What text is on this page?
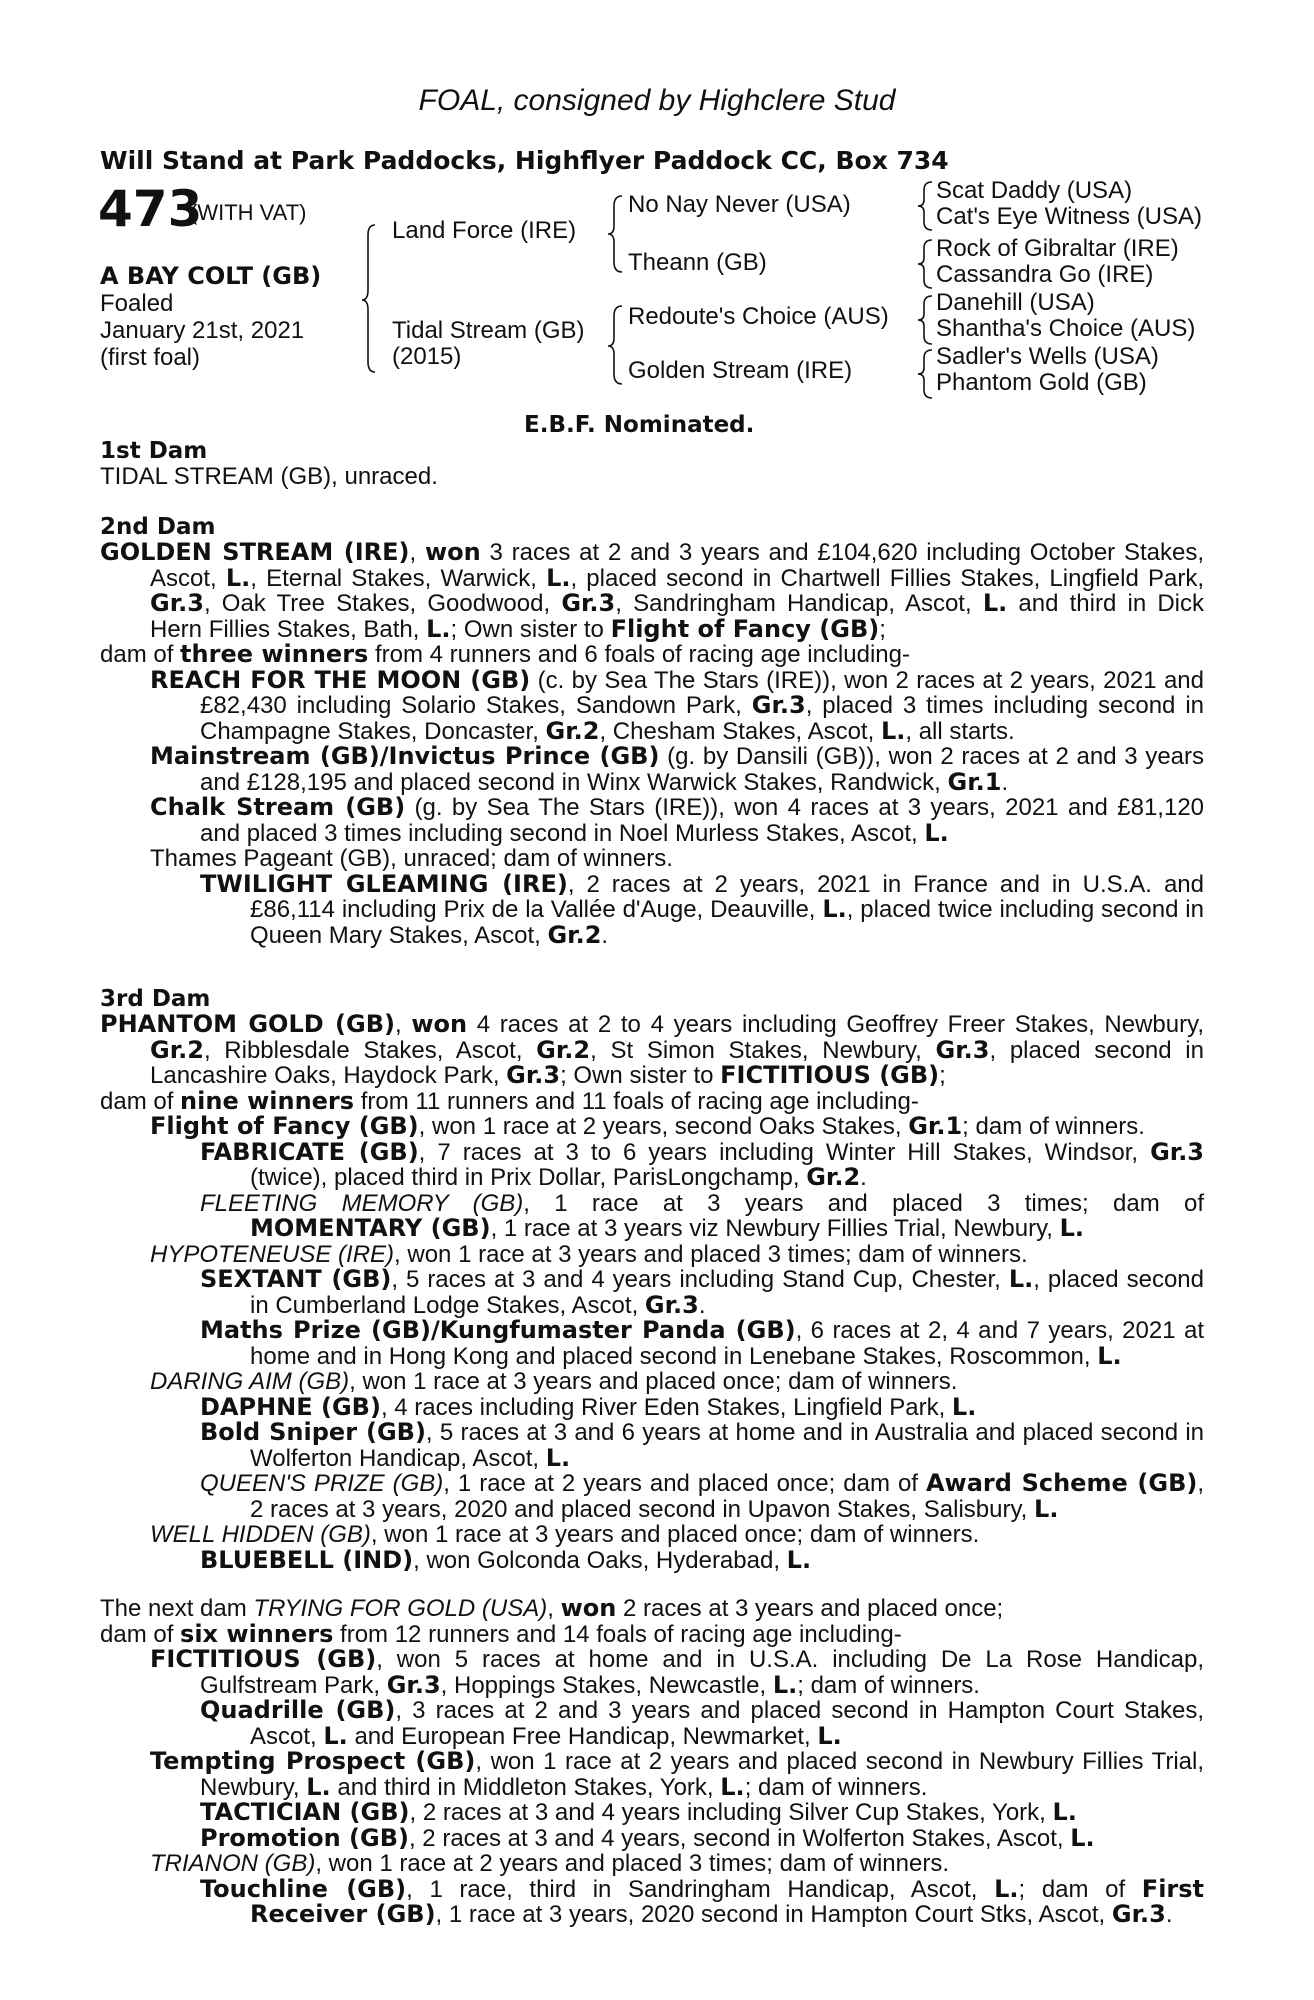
FOAL, consigned by Highclere Stud
Will Stand at Park Paddocks, Highflyer Paddock CC, Box 734
473
(WITH VAT)
A BAY COLT (GB)
Foaled
January 21st, 2021
(first foal)
Land Force (IRE)
Tidal Stream (GB)
(2015)
No Nay Never (USA)
Theann (GB)
Redoute's Choice (AUS)
Golden Stream (IRE)
Scat Daddy (USA)
Cat's Eye Witness (USA)
Rock of Gibraltar (IRE)
Cassandra Go (IRE)
Danehill (USA)
Shantha's Choice (AUS)
Sadler's Wells (USA)
Phantom Gold (GB)
E.B.F. Nominated.
1st Dam
TIDAL STREAM (GB), unraced.
2nd Dam
GOLDEN STREAM (IRE), won 3 races at 2 and 3 years and £104,620 including October Stakes, Ascot, L., Eternal Stakes, Warwick, L., placed second in Chartwell Fillies Stakes, Lingfield Park, Gr.3, Oak Tree Stakes, Goodwood, Gr.3, Sandringham Handicap, Ascot, L. and third in Dick Hern Fillies Stakes, Bath, L.; Own sister to Flight of Fancy (GB);
dam of three winners from 4 runners and 6 foals of racing age including-
REACH FOR THE MOON (GB) (c. by Sea The Stars (IRE)), won 2 races at 2 years, 2021 and £82,430 including Solario Stakes, Sandown Park, Gr.3, placed 3 times including second in Champagne Stakes, Doncaster, Gr.2, Chesham Stakes, Ascot, L., all starts.
Mainstream (GB)/Invictus Prince (GB) (g. by Dansili (GB)), won 2 races at 2 and 3 years and £128,195 and placed second in Winx Warwick Stakes, Randwick, Gr.1.
Chalk Stream (GB) (g. by Sea The Stars (IRE)), won 4 races at 3 years, 2021 and £81,120 and placed 3 times including second in Noel Murless Stakes, Ascot, L.
Thames Pageant (GB), unraced; dam of winners.
TWILIGHT GLEAMING (IRE), 2 races at 2 years, 2021 in France and in U.S.A. and £86,114 including Prix de la Vallée d'Auge, Deauville, L., placed twice including second in Queen Mary Stakes, Ascot, Gr.2.
3rd Dam
PHANTOM GOLD (GB), won 4 races at 2 to 4 years including Geoffrey Freer Stakes, Newbury, Gr.2, Ribblesdale Stakes, Ascot, Gr.2, St Simon Stakes, Newbury, Gr.3, placed second in Lancashire Oaks, Haydock Park, Gr.3; Own sister to FICTITIOUS (GB);
dam of nine winners from 11 runners and 11 foals of racing age including-
Flight of Fancy (GB), won 1 race at 2 years, second Oaks Stakes, Gr.1; dam of winners.
FABRICATE (GB), 7 races at 3 to 6 years including Winter Hill Stakes, Windsor, Gr.3 (twice), placed third in Prix Dollar, ParisLongchamp, Gr.2.
FLEETING MEMORY (GB), 1 race at 3 years and placed 3 times; dam of
MOMENTARY (GB), 1 race at 3 years viz Newbury Fillies Trial, Newbury, L.
HYPOTENEUSE (IRE), won 1 race at 3 years and placed 3 times; dam of winners.
SEXTANT (GB), 5 races at 3 and 4 years including Stand Cup, Chester, L., placed second in Cumberland Lodge Stakes, Ascot, Gr.3.
Maths Prize (GB)/Kungfumaster Panda (GB), 6 races at 2, 4 and 7 years, 2021 at home and in Hong Kong and placed second in Lenebane Stakes, Roscommon, L.
DARING AIM (GB), won 1 race at 3 years and placed once; dam of winners.
DAPHNE (GB), 4 races including River Eden Stakes, Lingfield Park, L.
Bold Sniper (GB), 5 races at 3 and 6 years at home and in Australia and placed second in Wolferton Handicap, Ascot, L.
QUEEN'S PRIZE (GB), 1 race at 2 years and placed once; dam of Award Scheme (GB), 2 races at 3 years, 2020 and placed second in Upavon Stakes, Salisbury, L.
WELL HIDDEN (GB), won 1 race at 3 years and placed once; dam of winners.
BLUEBELL (IND), won Golconda Oaks, Hyderabad, L.
The next dam TRYING FOR GOLD (USA), won 2 races at 3 years and placed once;
dam of six winners from 12 runners and 14 foals of racing age including-
FICTITIOUS (GB), won 5 races at home and in U.S.A. including De La Rose Handicap, Gulfstream Park, Gr.3, Hoppings Stakes, Newcastle, L.; dam of winners.
Quadrille (GB), 3 races at 2 and 3 years and placed second in Hampton Court Stakes, Ascot, L. and European Free Handicap, Newmarket, L.
Tempting Prospect (GB), won 1 race at 2 years and placed second in Newbury Fillies Trial, Newbury, L. and third in Middleton Stakes, York, L.; dam of winners.
TACTICIAN (GB), 2 races at 3 and 4 years including Silver Cup Stakes, York, L.
Promotion (GB), 2 races at 3 and 4 years, second in Wolferton Stakes, Ascot, L.
TRIANON (GB), won 1 race at 2 years and placed 3 times; dam of winners.
Touchline (GB), 1 race, third in Sandringham Handicap, Ascot, L.; dam of First Receiver (GB), 1 race at 3 years, 2020 second in Hampton Court Stks, Ascot, Gr.3.
